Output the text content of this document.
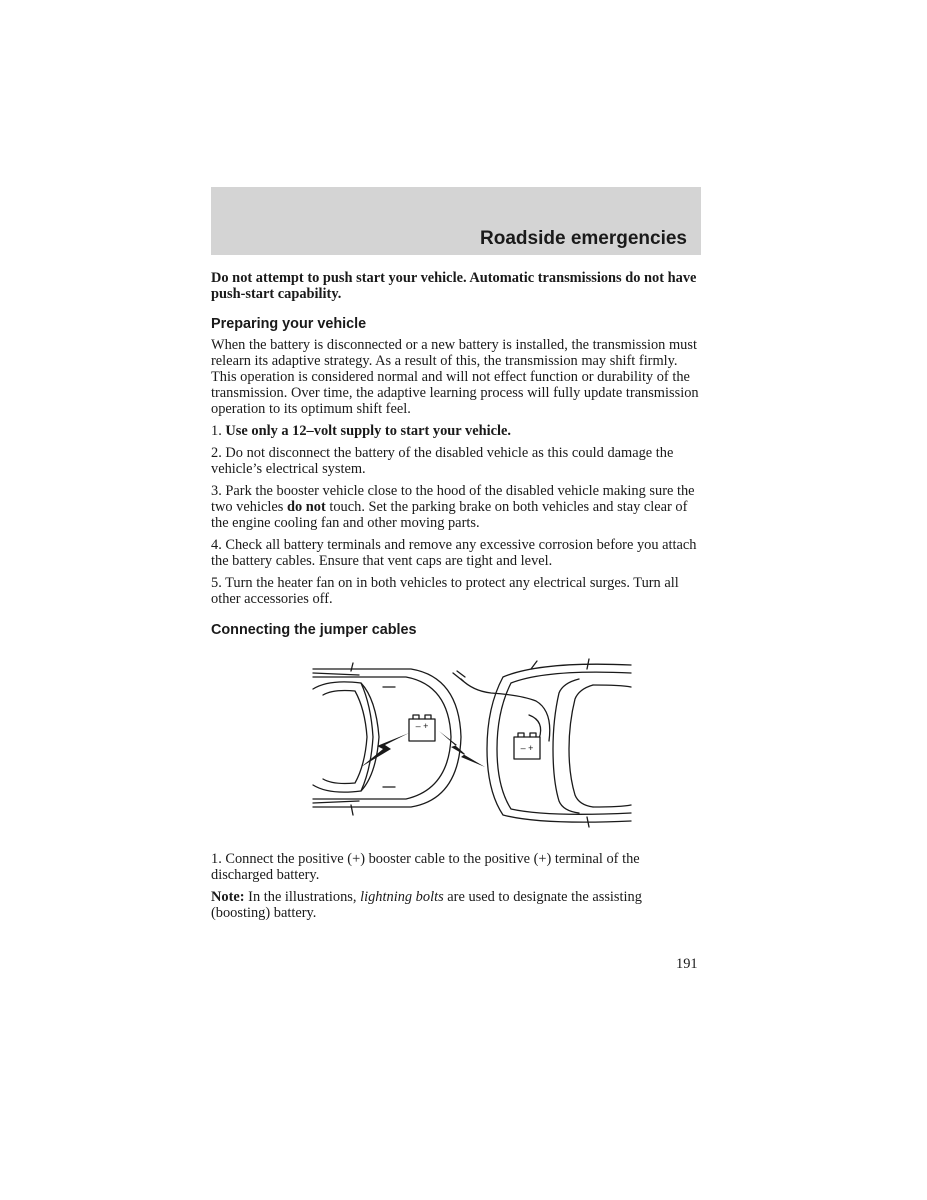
Roadside emergencies

Do not attempt to push start your vehicle. Automatic transmissions do not have push-start capability.

Preparing your vehicle

When the battery is disconnected or a new battery is installed, the transmission must relearn its adaptive strategy. As a result of this, the transmission may shift firmly. This operation is considered normal and will not effect function or durability of the transmission. Over time, the adaptive learning process will fully update transmission operation to its optimum shift feel.

1. Use only a 12–volt supply to start your vehicle.

2. Do not disconnect the battery of the disabled vehicle as this could damage the vehicle’s electrical system.

3. Park the booster vehicle close to the hood of the disabled vehicle making sure the two vehicles do not touch. Set the parking brake on both vehicles and stay clear of the engine cooling fan and other moving parts.

4. Check all battery terminals and remove any excessive corrosion before you attach the battery cables. Ensure that vent caps are tight and level.

5. Turn the heater fan on in both vehicles to protect any electrical surges. Turn all other accessories off.

Connecting the jumper cables
– +
– +

1. Connect the positive (+) booster cable to the positive (+) terminal of the discharged battery.

Note: In the illustrations, lightning bolts are used to designate the assisting (boosting) battery.

191
